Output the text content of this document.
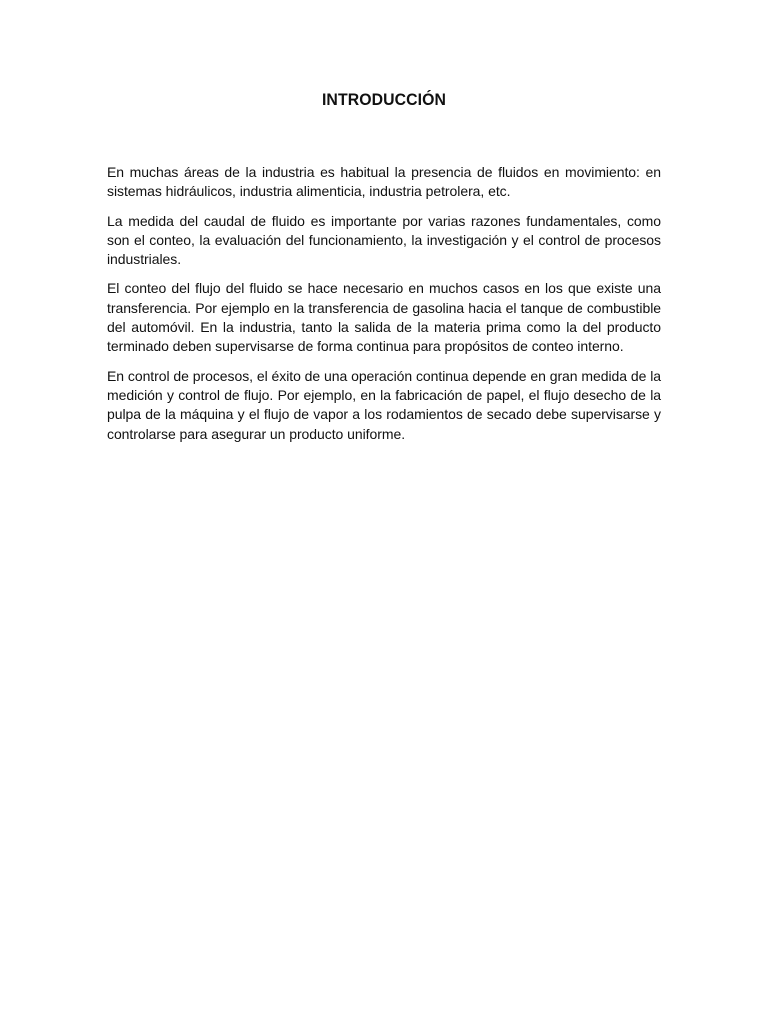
INTRODUCCIÓN

En muchas áreas de la industria es habitual la presencia de fluidos en movimiento: en sistemas hidráulicos, industria alimenticia, industria petrolera, etc.

La medida del caudal de fluido es importante por varias razones fundamentales, como son el conteo, la evaluación del funcionamiento, la investigación y el control de procesos industriales.

El conteo del flujo del fluido se hace necesario en muchos casos en los que existe una transferencia. Por ejemplo en la transferencia de gasolina hacia el tanque de combustible del automóvil. En la industria, tanto la salida de la materia prima como la del producto terminado deben supervisarse de forma continua para propósitos de conteo interno.

En control de procesos, el éxito de una operación continua depende en gran medida de la medición y control de flujo. Por ejemplo, en la fabricación de papel, el flujo desecho de la pulpa de la máquina y el flujo de vapor a los rodamientos de secado debe supervisarse y controlarse para asegurar un producto uniforme.
